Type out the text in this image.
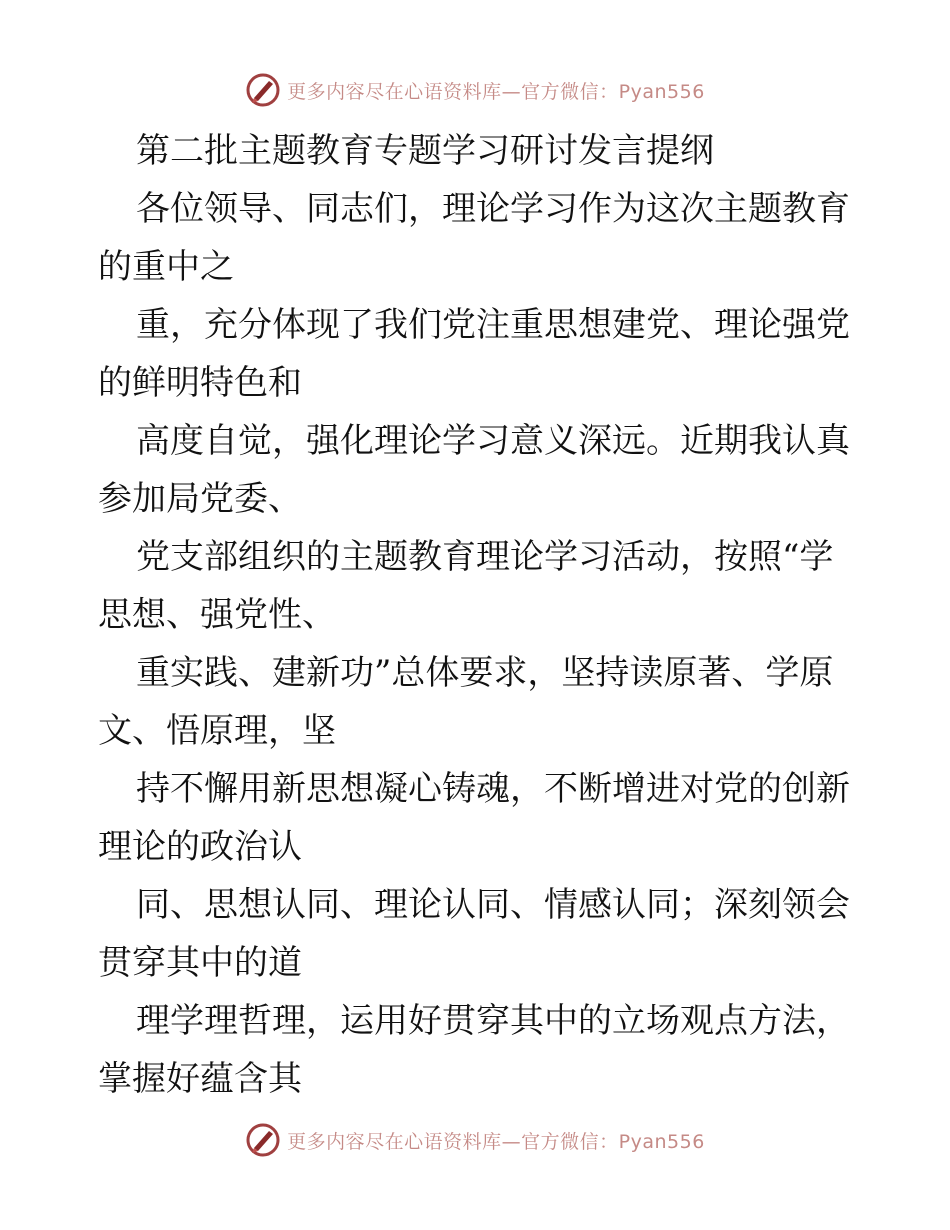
更多内容尽在心语资料库—官方微信：Pyan556
第二批主题教育专题学习研讨发言提纲
各位领导、同志们，理论学习作为这次主题教育
的重中之
重，充分体现了我们党注重思想建党、理论强党
的鲜明特色和
高度自觉，强化理论学习意义深远。近期我认真
参加局党委、
党支部组织的主题教育理论学习活动，按照“学
思想、强党性、
重实践、建新功”总体要求，坚持读原著、学原
文、悟原理，坚
持不懈用新思想凝心铸魂，不断增进对党的创新
理论的政治认
同、思想认同、理论认同、情感认同；深刻领会
贯穿其中的道
理学理哲理，运用好贯穿其中的立场观点方法，
掌握好蕴含其
更多内容尽在心语资料库—官方微信：Pyan556
